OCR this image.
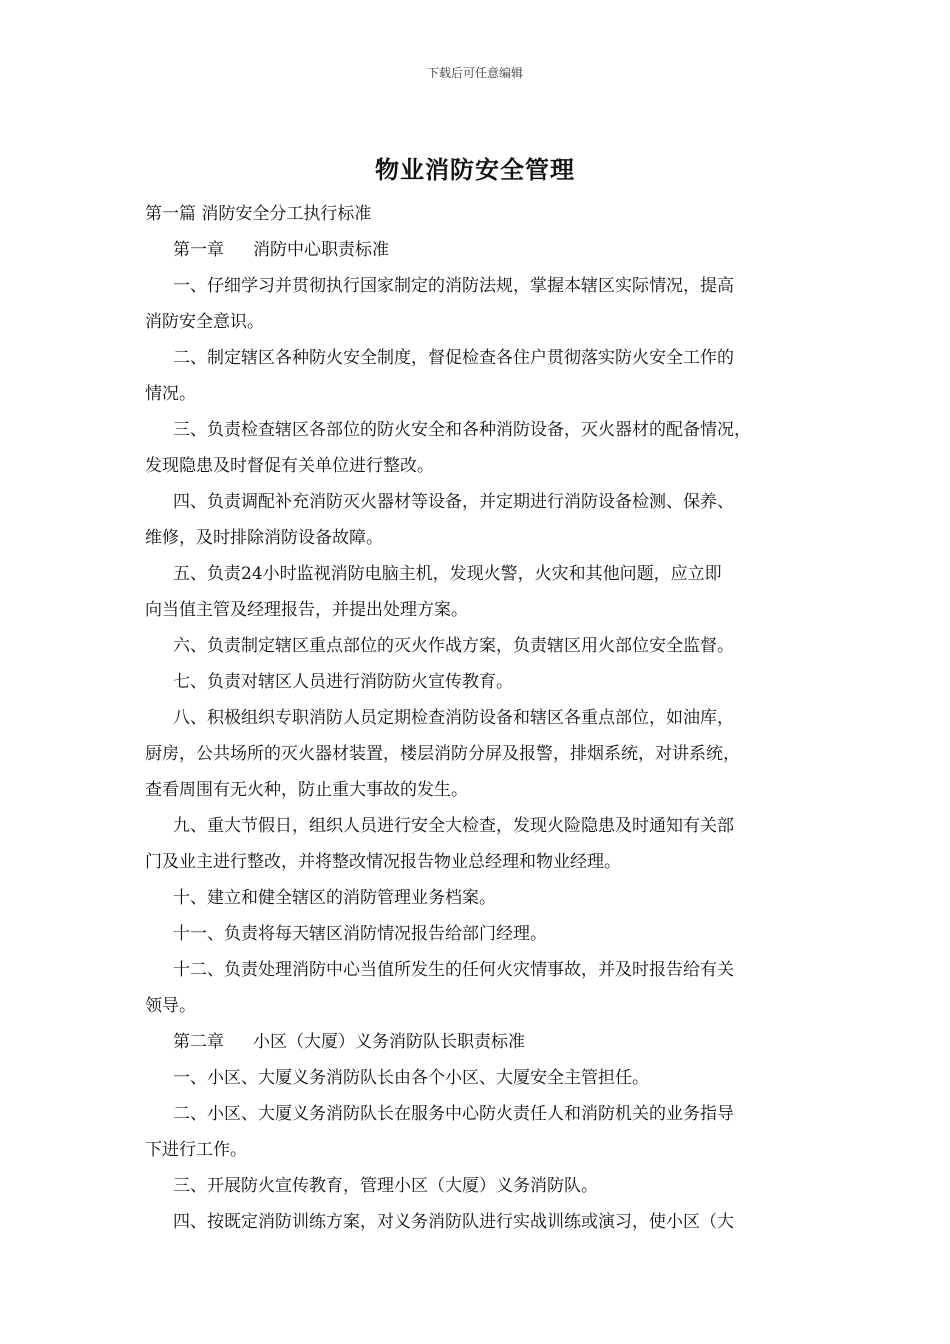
下载后可任意编辑
物业消防安全管理
第一篇 消防安全分工执行标准
第一章 消防中心职责标准
一、仔细学习并贯彻执行国家制定的消防法规，掌握本辖区实际情况，提高
消防安全意识。
二、制定辖区各种防火安全制度，督促检查各住户贯彻落实防火安全工作的
情况。
三、负责检查辖区各部位的防火安全和各种消防设备，灭火器材的配备情况，
发现隐患及时督促有关单位进行整改。
四、负责调配补充消防灭火器材等设备，并定期进行消防设备检测、保养、
维修，及时排除消防设备故障。
五、负责24小时监视消防电脑主机，发现火警，火灾和其他问题，应立即
向当值主管及经理报告，并提出处理方案。
六、负责制定辖区重点部位的灭火作战方案，负责辖区用火部位安全监督。
七、负责对辖区人员进行消防防火宣传教育。
八、积极组织专职消防人员定期检查消防设备和辖区各重点部位，如油库，
厨房，公共场所的灭火器材装置，楼层消防分屏及报警，排烟系统，对讲系统，
查看周围有无火种，防止重大事故的发生。
九、重大节假日，组织人员进行安全大检查，发现火险隐患及时通知有关部
门及业主进行整改，并将整改情况报告物业总经理和物业经理。
十、建立和健全辖区的消防管理业务档案。
十一、负责将每天辖区消防情况报告给部门经理。
十二、负责处理消防中心当值所发生的任何火灾情事故，并及时报告给有关
领导。
第二章 小区（大厦）义务消防队长职责标准
一、小区、大厦义务消防队长由各个小区、大厦安全主管担任。
二、小区、大厦义务消防队长在服务中心防火责任人和消防机关的业务指导
下进行工作。
三、开展防火宣传教育，管理小区（大厦）义务消防队。
四、按既定消防训练方案，对义务消防队进行实战训练或演习，使小区（大
